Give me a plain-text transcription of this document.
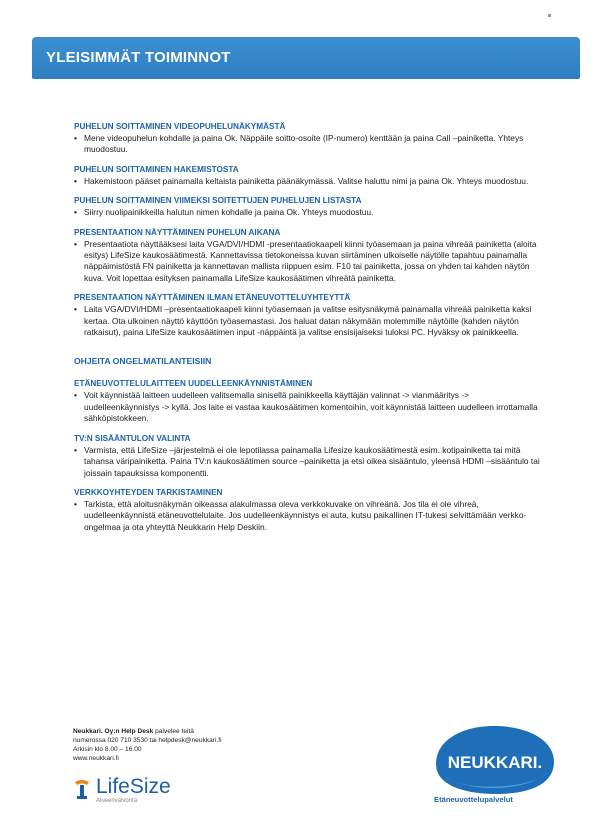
YLEISIMMÄT TOIMINNOT
PUHELUN SOITTAMINEN VIDEOPUHELUNÄKYMÄSTÄ
• Mene videopuhelun kohdalle ja paina Ok. Näppäile soitto-osoite (IP-numero) kenttään ja paina Call –painiketta. Yhteys muodostuu.
PUHELUN SOITTAMINEN HAKEMISTOSTA
• Hakemistoon pääset painamalla keltaista painiketta päänäkymässä. Valitse haluttu nimi ja paina Ok. Yhteys muodostuu.
PUHELUN SOITTAMINEN VIIMEKSI SOITETTUJEN PUHELUJEN LISTASTA
• Siirry nuolipainikkeilla halutun nimen kohdalle ja paina Ok. Yhteys muodostuu.
PRESENTAATION NÄYTTÄMINEN PUHELUN AIKANA
• Presentaatiota näyttääksesi laita VGA/DVI/HDMI -presentaatiokaapeli kiinni työasemaan ja paina vihreää painiketta (aloita esitys) LifeSize kaukosäätimestä. Kannettavissa tietokoneissa kuvan siirtäminen ulkoiselle näytölle tapahtuu painamalla näppäimistöstä FN painiketta ja kannettavan mallista riippuen esim. F10 tai painiketta, jossa on yhden tai kahden näytön kuva. Voit lopettaa esityksen painamalla LifeSize kaukosäätimen vihreätä painiketta.
PRESENTAATION NÄYTTÄMINEN ILMAN ETÄNEUVOTTELUYHTEYTTÄ
• Laita VGA/DVI/HDMI –presentaatiokaapeli kiinni työasemaan ja valitse esitysnäkymä painamalla vihreää painiketta kaksi kertaa. Ota ulkoinen näyttö käyttöön työasemastasi. Jos haluat datan näkymään molemmille näytöille (kahden näytön ratkaisut), paina LifeSize kaukosäätimen input -näppäintä ja valitse ensisijaiseksi tuloksi PC. Hyväksy ok painikkeella.
OHJEITA ONGELMATILANTEISIIN
ETÄNEUVOTTELULAITTEEN UUDELLEENKÄYNNISTÄMINEN
• Voit käynnistää laitteen uudelleen valitsemalla sinisellä painikkeella käyttäjän valinnat -> vianmääritys -> uudelleenkäynnistys -> kyllä. Jos laite ei vastaa kaukosäätimen komentoihin, voit käynnistää laitteen uudelleen irrottamalla sähköpistokkeen.
TV:N SISÄÄNTULON VALINTA
• Varmista, että LifeSize –järjestelmä ei ole lepotilassa painamalla Lifesize kaukosäätimestä esim. kotipainiketta tai mitä tahansa väripainiketta. Paina TV:n kaukosäätimen source –painiketta ja etsi oikea sisääntulo, yleensä HDMI –sisääntulo tai joissain tapauksissa komponentti.
VERKKOYHTEYDEN TARKISTAMINEN
• Tarkista, että aloitusnäkymän oikeassa alakulmassa oleva verkkokuvake on vihreänä. Jos tila ei ole vihreä, uudelleenkäynnistä etäneuvottelulaite. Jos uudelleenkäynnistys ei auta, kutsu paikallinen IT-tukesi selvittämään verkko-ongelmaa ja ota yhteyttä Neukkarin Help Deskiin.
Neukkari. Oy:n Help Desk palvelee teitä
numerossa 020 710 3530 tai helpdesk@neukkari.fi
Arkisin klo 8.00 – 16.00
www.neukkari.fi
LifeSize
Alueenvalvonta
NEUKKARI.
Etäneuvottelupalvelut
